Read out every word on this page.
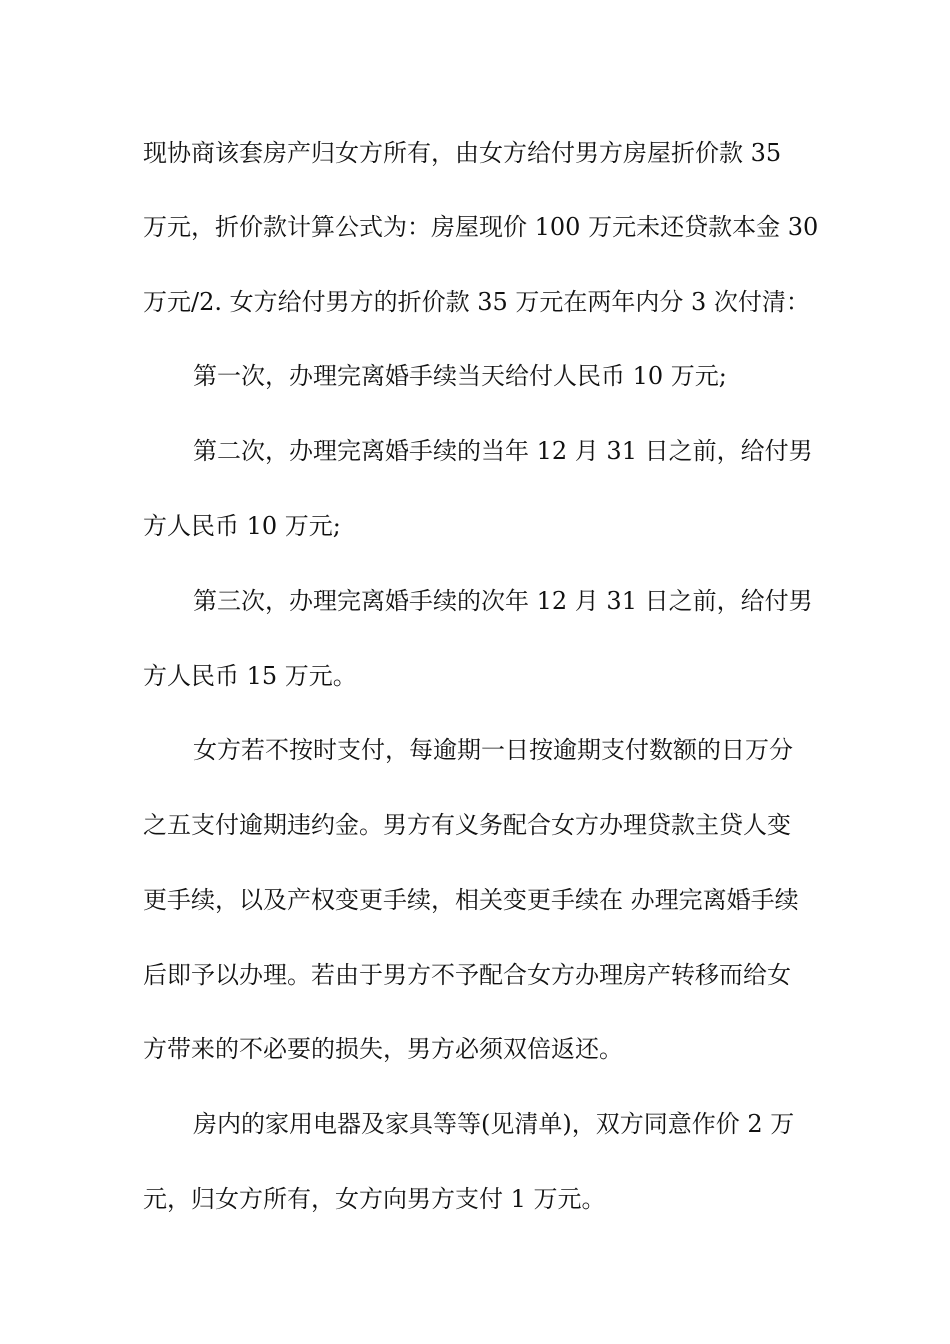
现协商该套房产归女方所有，由女方给付男方房屋折价款 35
万元，折价款计算公式为：房屋现价 100 万元未还贷款本金 30
万元/2. 女方给付男方的折价款 35 万元在两年内分 3 次付清：
第一次，办理完离婚手续当天给付人民币 10 万元;
第二次，办理完离婚手续的当年 12 月 31 日之前，给付男
方人民币 10 万元;
第三次，办理完离婚手续的次年 12 月 31 日之前，给付男
方人民币 15 万元。
女方若不按时支付，每逾期一日按逾期支付数额的日万分
之五支付逾期违约金。男方有义务配合女方办理贷款主贷人变
更手续，以及产权变更手续，相关变更手续在 办理完离婚手续
后即予以办理。若由于男方不予配合女方办理房产转移而给女
方带来的不必要的损失，男方必须双倍返还。
房内的家用电器及家具等等(见清单)，双方同意作价 2 万
元，归女方所有，女方向男方支付 1 万元。
